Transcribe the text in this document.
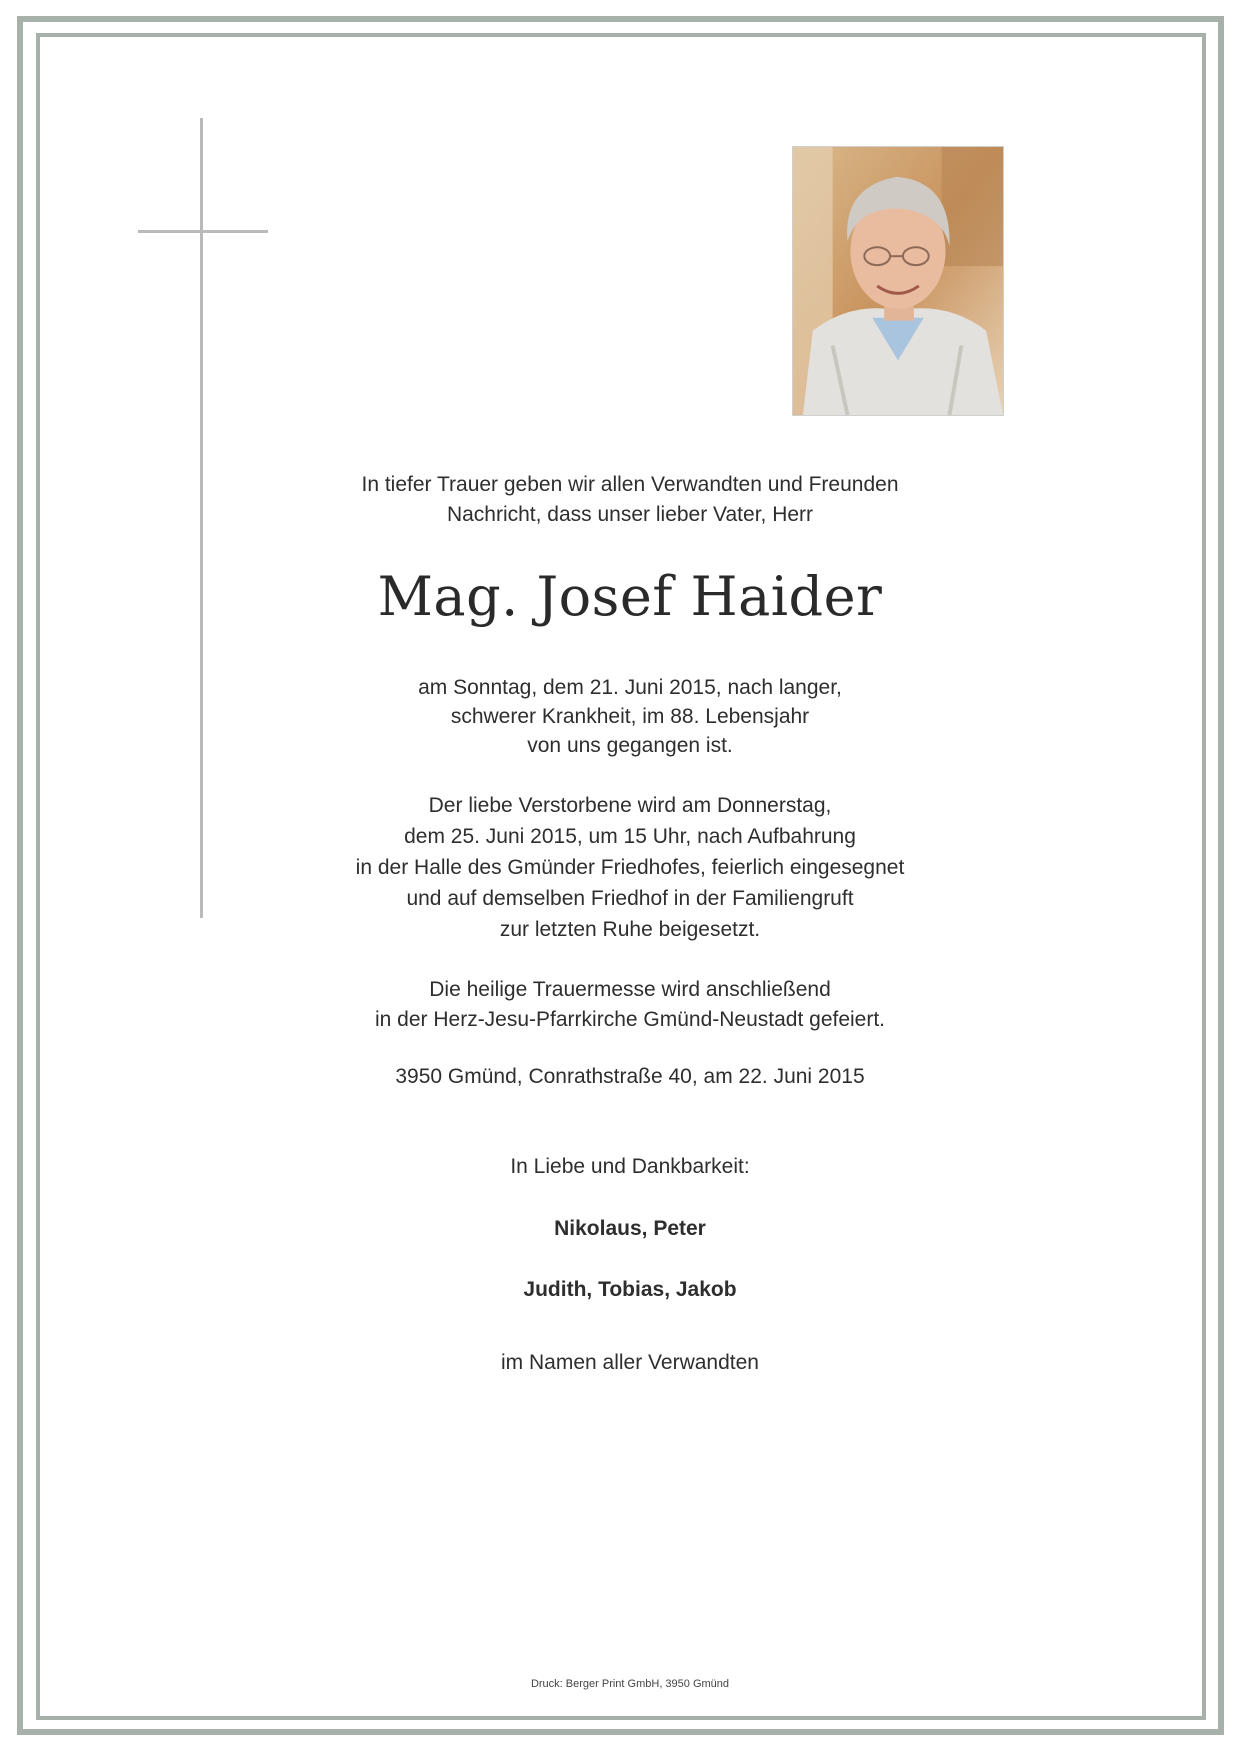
In tiefer Trauer geben wir allen Verwandten und Freunden
Nachricht, dass unser lieber Vater, Herr
Mag. Josef Haider
am Sonntag, dem 21. Juni 2015, nach langer,
schwerer Krankheit, im 88. Lebensjahr
von uns gegangen ist.
Der liebe Verstorbene wird am Donnerstag,
dem 25. Juni 2015, um 15 Uhr, nach Aufbahrung
in der Halle des Gmünder Friedhofes, feierlich eingesegnet
und auf demselben Friedhof in der Familiengruft
zur letzten Ruhe beigesetzt.
Die heilige Trauermesse wird anschließend
in der Herz-Jesu-Pfarrkirche Gmünd-Neustadt gefeiert.
3950 Gmünd, Conrathstraße 40, am 22. Juni 2015
In Liebe und Dankbarkeit:
Nikolaus, Peter
Judith, Tobias, Jakob
im Namen aller Verwandten
Druck: Berger Print GmbH, 3950 Gmünd
